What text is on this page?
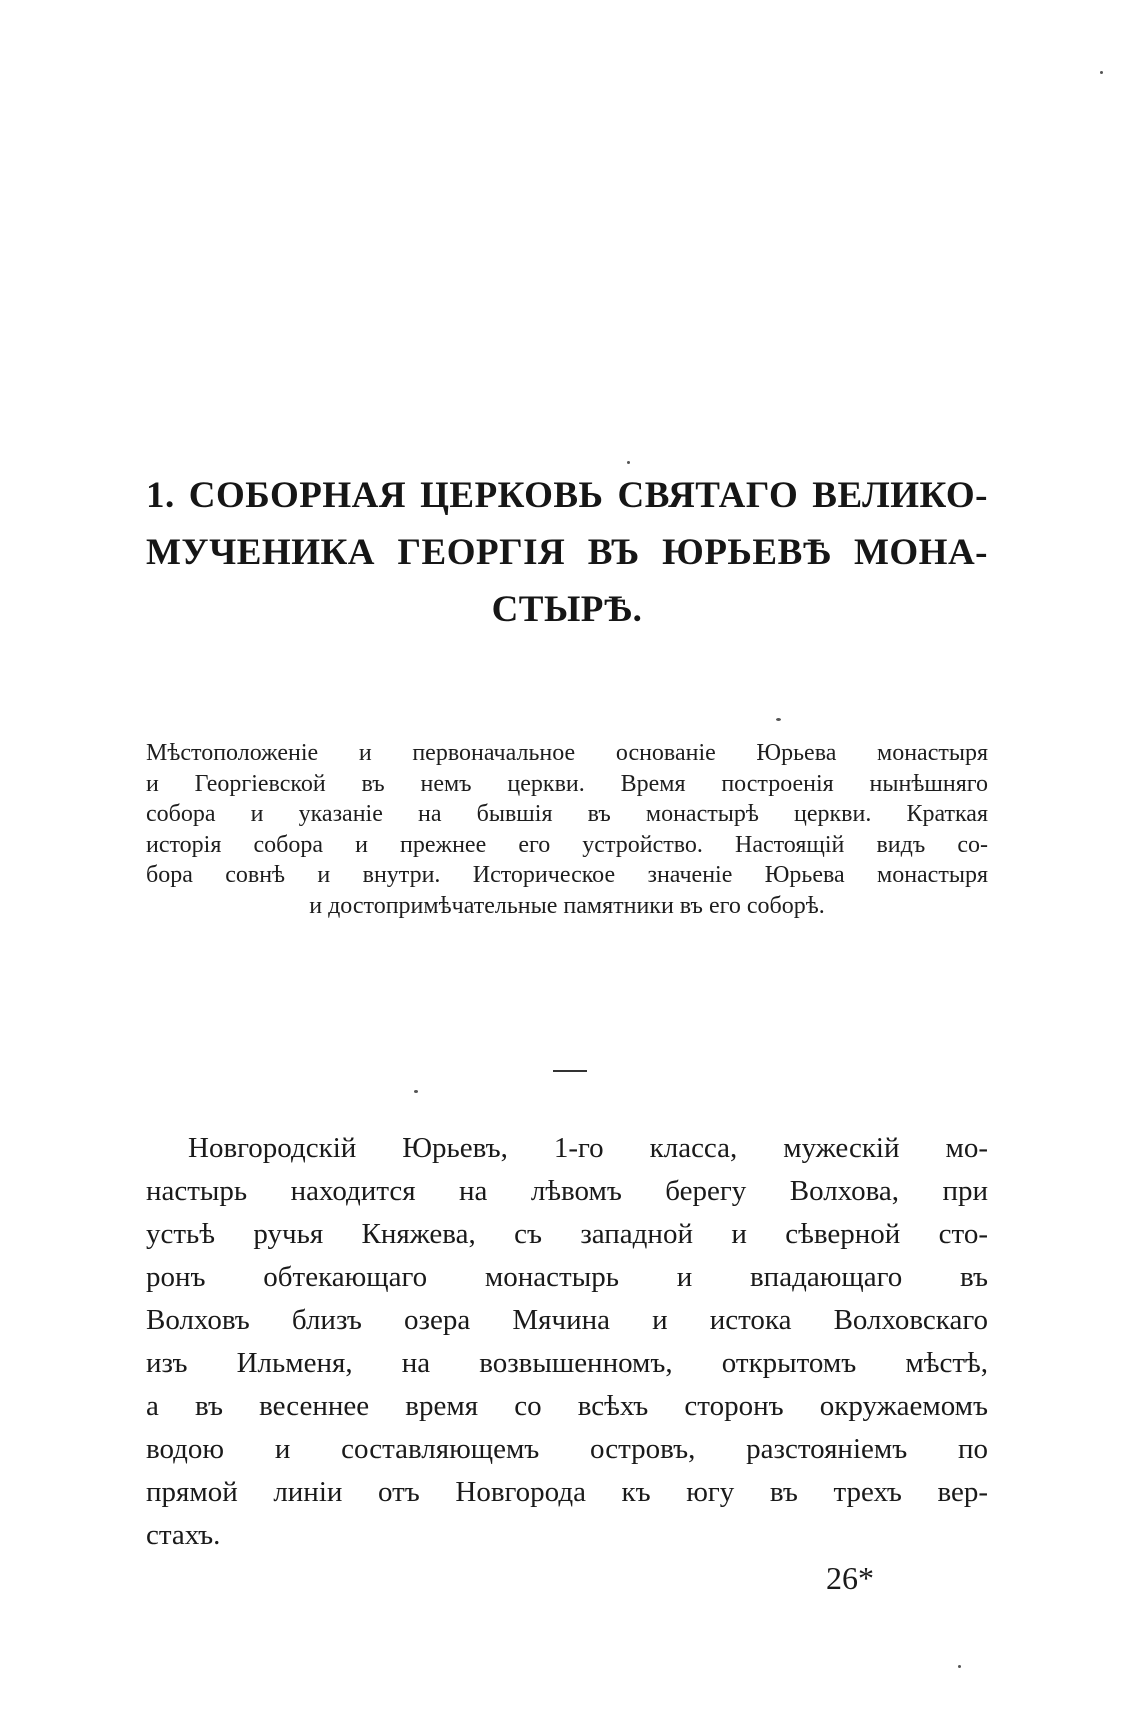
1. СОБОРНАЯ ЦЕРКОВЬ СВЯТАГО ВЕЛИКО-
МУЧЕНИКА ГЕОРГІЯ ВЪ ЮРЬЕВѢ МОНА-
СТЫРѢ.

Мѣстоположеніе и первоначальное основаніе Юрьева монастыря
и Георгіевской въ немъ церкви. Время построенія нынѣшняго
собора и указаніе на бывшія въ монастырѣ церкви. Краткая
исторія собора и прежнее его устройство. Настоящій видъ со-
бора совнѣ и внутри. Историческое значеніе Юрьева монастыря
и достопримѣчательные памятники въ его соборѣ.

Новгородскій Юрьевъ, 1-го класса, мужескій мо-
настырь находится на лѣвомъ берегу Волхова, при
устьѣ ручья Княжева, съ западной и сѣверной сто-
ронъ обтекающаго монастырь и впадающаго въ
Волховъ близъ озера Мячина и истока Волховскаго
изъ Ильменя, на возвышенномъ, открытомъ мѣстѣ,
а въ весеннее время со всѣхъ сторонъ окружаемомъ
водою и составляющемъ островъ, разстояніемъ по
прямой линіи отъ Новгорода къ югу въ трехъ вер-
стахъ.

26*
